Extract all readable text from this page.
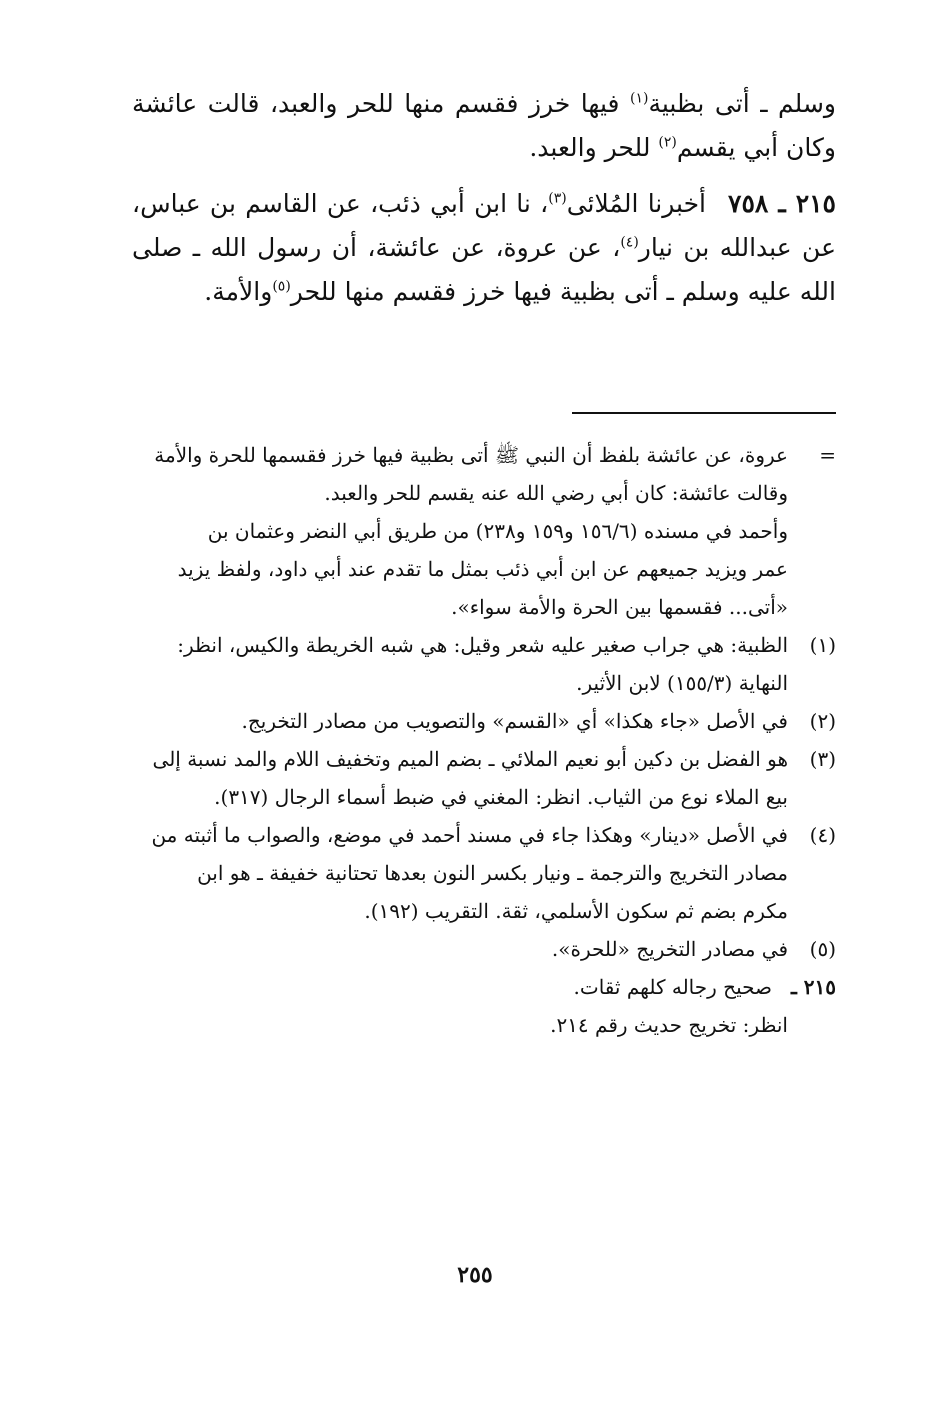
وسلم ـ أتى بظبية$^{(١)}$ فيها خرز فقسم منها للحر والعبد، قالت عائشة وكان أبي يقسم$^{(٢)}$ للحر والعبد.

٢١٥ ـ ٧٥٨أخبرنا المُلائى$^{(٣)}$، نا ابن أبي ذئب، عن القاسم بن عباس، عن عبدالله بن نيار$^{(٤)}$، عن عروة، عن عائشة، أن رسول الله ـ صلى الله عليه وسلم ـ أتى بظبية فيها خرز فقسم منها للحر$^{(٥)}$والأمة.

=
عروة، عن عائشة بلفظ أن النبي ﷺ أتى بظبية فيها خرز فقسمها للحرة والأمة
وقالت عائشة: كان أبي رضي الله عنه يقسم للحر والعبد.
وأحمد في مسنده (١٥٦/٦ و١٥٩ و٢٣٨) من طريق أبي النضر وعثمان بن
عمر ويزيد جميعهم عن ابن أبي ذئب بمثل ما تقدم عند أبي داود، ولفظ يزيد
«أتى... فقسمها بين الحرة والأمة سواء».
(١)
الظبية: هي جراب صغير عليه شعر وقيل: هي شبه الخريطة والكيس، انظر:
النهاية (١٥٥/٣) لابن الأثير.
(٢)
في الأصل «جاء هكذا» أي «القسم» والتصويب من مصادر التخريج.
(٣)
هو الفضل بن دكين أبو نعيم الملائي ـ بضم الميم وتخفيف اللام والمد نسبة إلى
بيع الملاء نوع من الثياب. انظر: المغني في ضبط أسماء الرجال (٣١٧).
(٤)
في الأصل «دينار» وهكذا جاء في مسند أحمد في موضع، والصواب ما أثبته من
مصادر التخريج والترجمة ـ ونيار بكسر النون بعدها تحتانية خفيفة ـ هو ابن
مكرم بضم ثم سكون الأسلمي، ثقة. التقريب (١٩٢).
(٥)
في مصادر التخريج «للحرة».
٢١٥ ـ
صحيح رجاله كلهم ثقات.
انظر: تخريج حديث رقم ٢١٤.
٢٥٥
